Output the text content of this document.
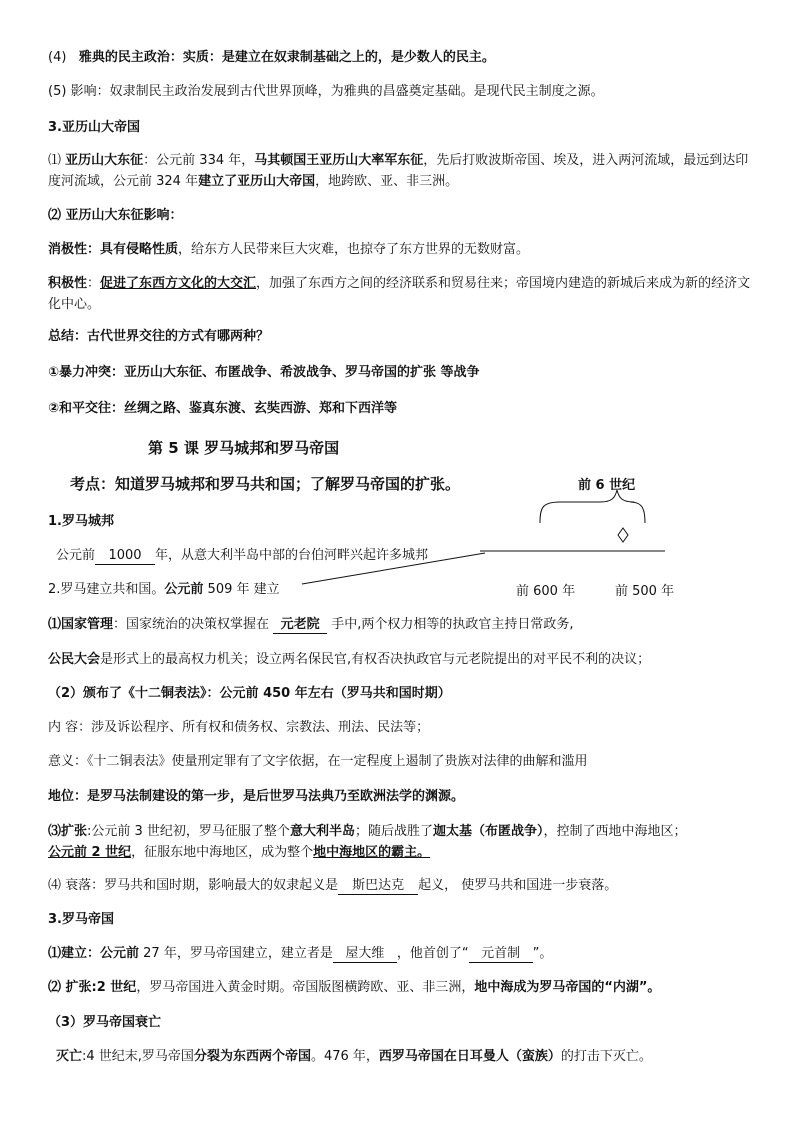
(4) 雅典的民主政治：实质：是建立在奴隶制基础之上的，是少数人的民主。
(5) 影响：奴隶制民主政治发展到古代世界顶峰，为雅典的昌盛奠定基础。是现代民主制度之源。
3.亚历山大帝国
⑴ 亚历山大东征：公元前 334 年，马其顿国王亚历山大率军东征，先后打败波斯帝国、埃及，进入两河流域，最远到达印度河流域，公元前 324 年建立了亚历山大帝国，地跨欧、亚、非三洲。
⑵ 亚历山大东征影响：
消极性：具有侵略性质，给东方人民带来巨大灾难，也掠夺了东方世界的无数财富。
积极性：促进了东西方文化的大交汇，加强了东西方之间的经济联系和贸易往来；帝国境内建造的新城后来成为新的经济文化中心。
总结：古代世界交往的方式有哪两种？
①暴力冲突：亚历山大东征、布匿战争、希波战争、罗马帝国的扩张 等战争
②和平交往：丝绸之路、鉴真东渡、玄奘西游、郑和下西洋等
第 5 课 罗马城邦和罗马帝国
考点：知道罗马城邦和罗马共和国；了解罗马帝国的扩张。	前 6 世纪
前 600 年	前 500 年
1.罗马城邦
公元前 1000 年，从意大利半岛中部的台伯河畔兴起许多城邦
2.罗马建立共和国。公元前 509 年 建立
⑴国家管理：国家统治的决策权掌握在 元老院 手中,两个权力相等的执政官主持日常政务,
公民大会是形式上的最高权力机关；设立两名保民官,有权否决执政官与元老院提出的对平民不利的决议；
（2）颁布了《十二铜表法》：公元前 450 年左右（罗马共和国时期）
内 容：涉及诉讼程序、所有权和债务权、宗教法、刑法、民法等；
意义：《十二铜表法》使量刑定罪有了文字依据，在一定程度上遏制了贵族对法律的曲解和滥用
地位：是罗马法制建设的第一步，是后世罗马法典乃至欧洲法学的渊源。
⑶扩张:公元前 3 世纪初，罗马征服了整个意大利半岛；随后战胜了迦太基（布匿战争），控制了西地中海地区；
公元前 2 世纪，征服东地中海地区，成为整个地中海地区的霸主。
⑷ 衰落：罗马共和国时期，影响最大的奴隶起义是 斯巴达克 起义， 使罗马共和国进一步衰落。
3.罗马帝国
⑴建立：公元前 27 年，罗马帝国建立，建立者是 屋大维 ，他首创了“ 元首制 ”。
⑵ 扩张:2 世纪，罗马帝国进入黄金时期。帝国版图横跨欧、亚、非三洲，地中海成为罗马帝国的“内湖”。
（3）罗马帝国衰亡
灭亡:4 世纪末,罗马帝国分裂为东西两个帝国。476 年，西罗马帝国在日耳曼人（蛮族）的打击下灭亡。
